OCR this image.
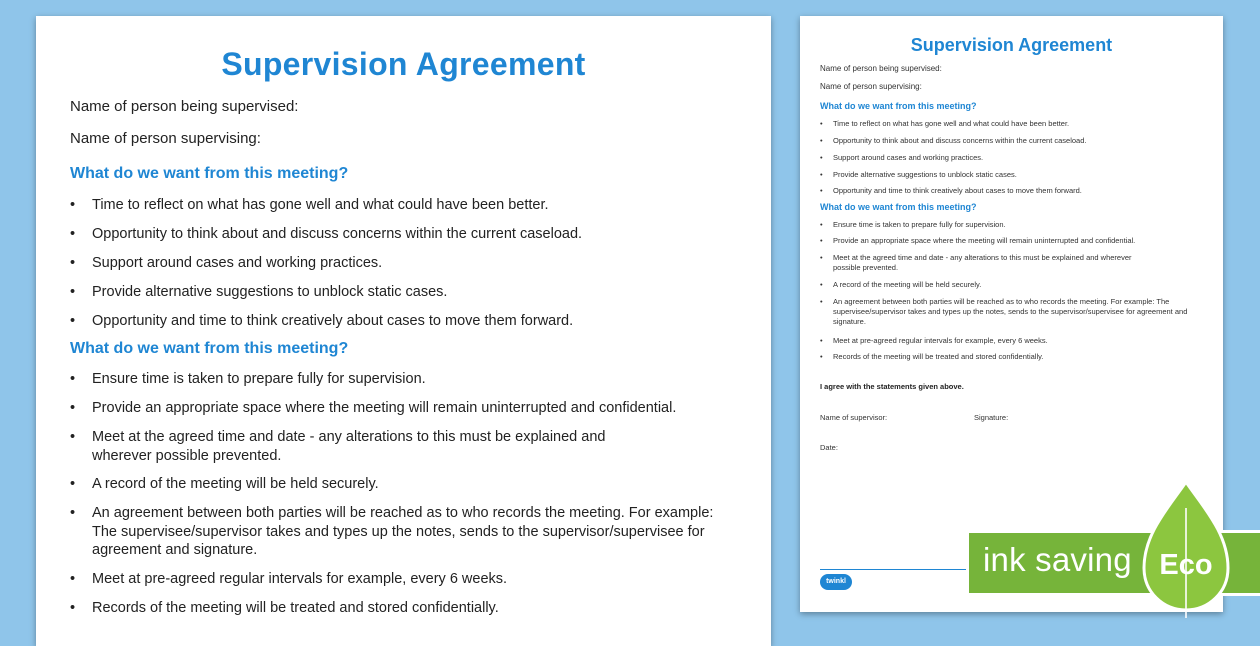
Supervision Agreement
Name of person being supervised:
Name of person supervising:
What do we want from this meeting?
• Time to reflect on what has gone well and what could have been better.
• Opportunity to think about and discuss concerns within the current caseload.
• Support around cases and working practices.
• Provide alternative suggestions to unblock static cases.
• Opportunity and time to think creatively about cases to move them forward.
What do we want from this meeting?
• Ensure time is taken to prepare fully for supervision.
• Provide an appropriate space where the meeting will remain uninterrupted and confidential.
• Meet at the agreed time and date - any alterations to this must be explained and wherever possible prevented.
• A record of the meeting will be held securely.
• An agreement between both parties will be reached as to who records the meeting. For example: The supervisee/supervisor takes and types up the notes, sends to the supervisor/supervisee for agreement and signature.
• Meet at pre-agreed regular intervals for example, every 6 weeks.
• Records of the meeting will be treated and stored confidentially.
Supervision Agreement
Name of person being supervised:
Name of person supervising:
What do we want from this meeting?
• Time to reflect on what has gone well and what could have been better.
• Opportunity to think about and discuss concerns within the current caseload.
• Support around cases and working practices.
• Provide alternative suggestions to unblock static cases.
• Opportunity and time to think creatively about cases to move them forward.
What do we want from this meeting?
• Ensure time is taken to prepare fully for supervision.
• Provide an appropriate space where the meeting will remain uninterrupted and confidential.
• Meet at the agreed time and date - any alterations to this must be explained and wherever possible prevented.
• A record of the meeting will be held securely.
• An agreement between both parties will be reached as to who records the meeting. For example: The supervisee/supervisor takes and types up the notes, sends to the supervisor/supervisee for agreement and signature.
• Meet at pre-agreed regular intervals for example, every 6 weeks.
• Records of the meeting will be treated and stored confidentially.
I agree with the statements given above.
Name of supervisor:	Signature:
Date:
twinkl
ink saving Eco
